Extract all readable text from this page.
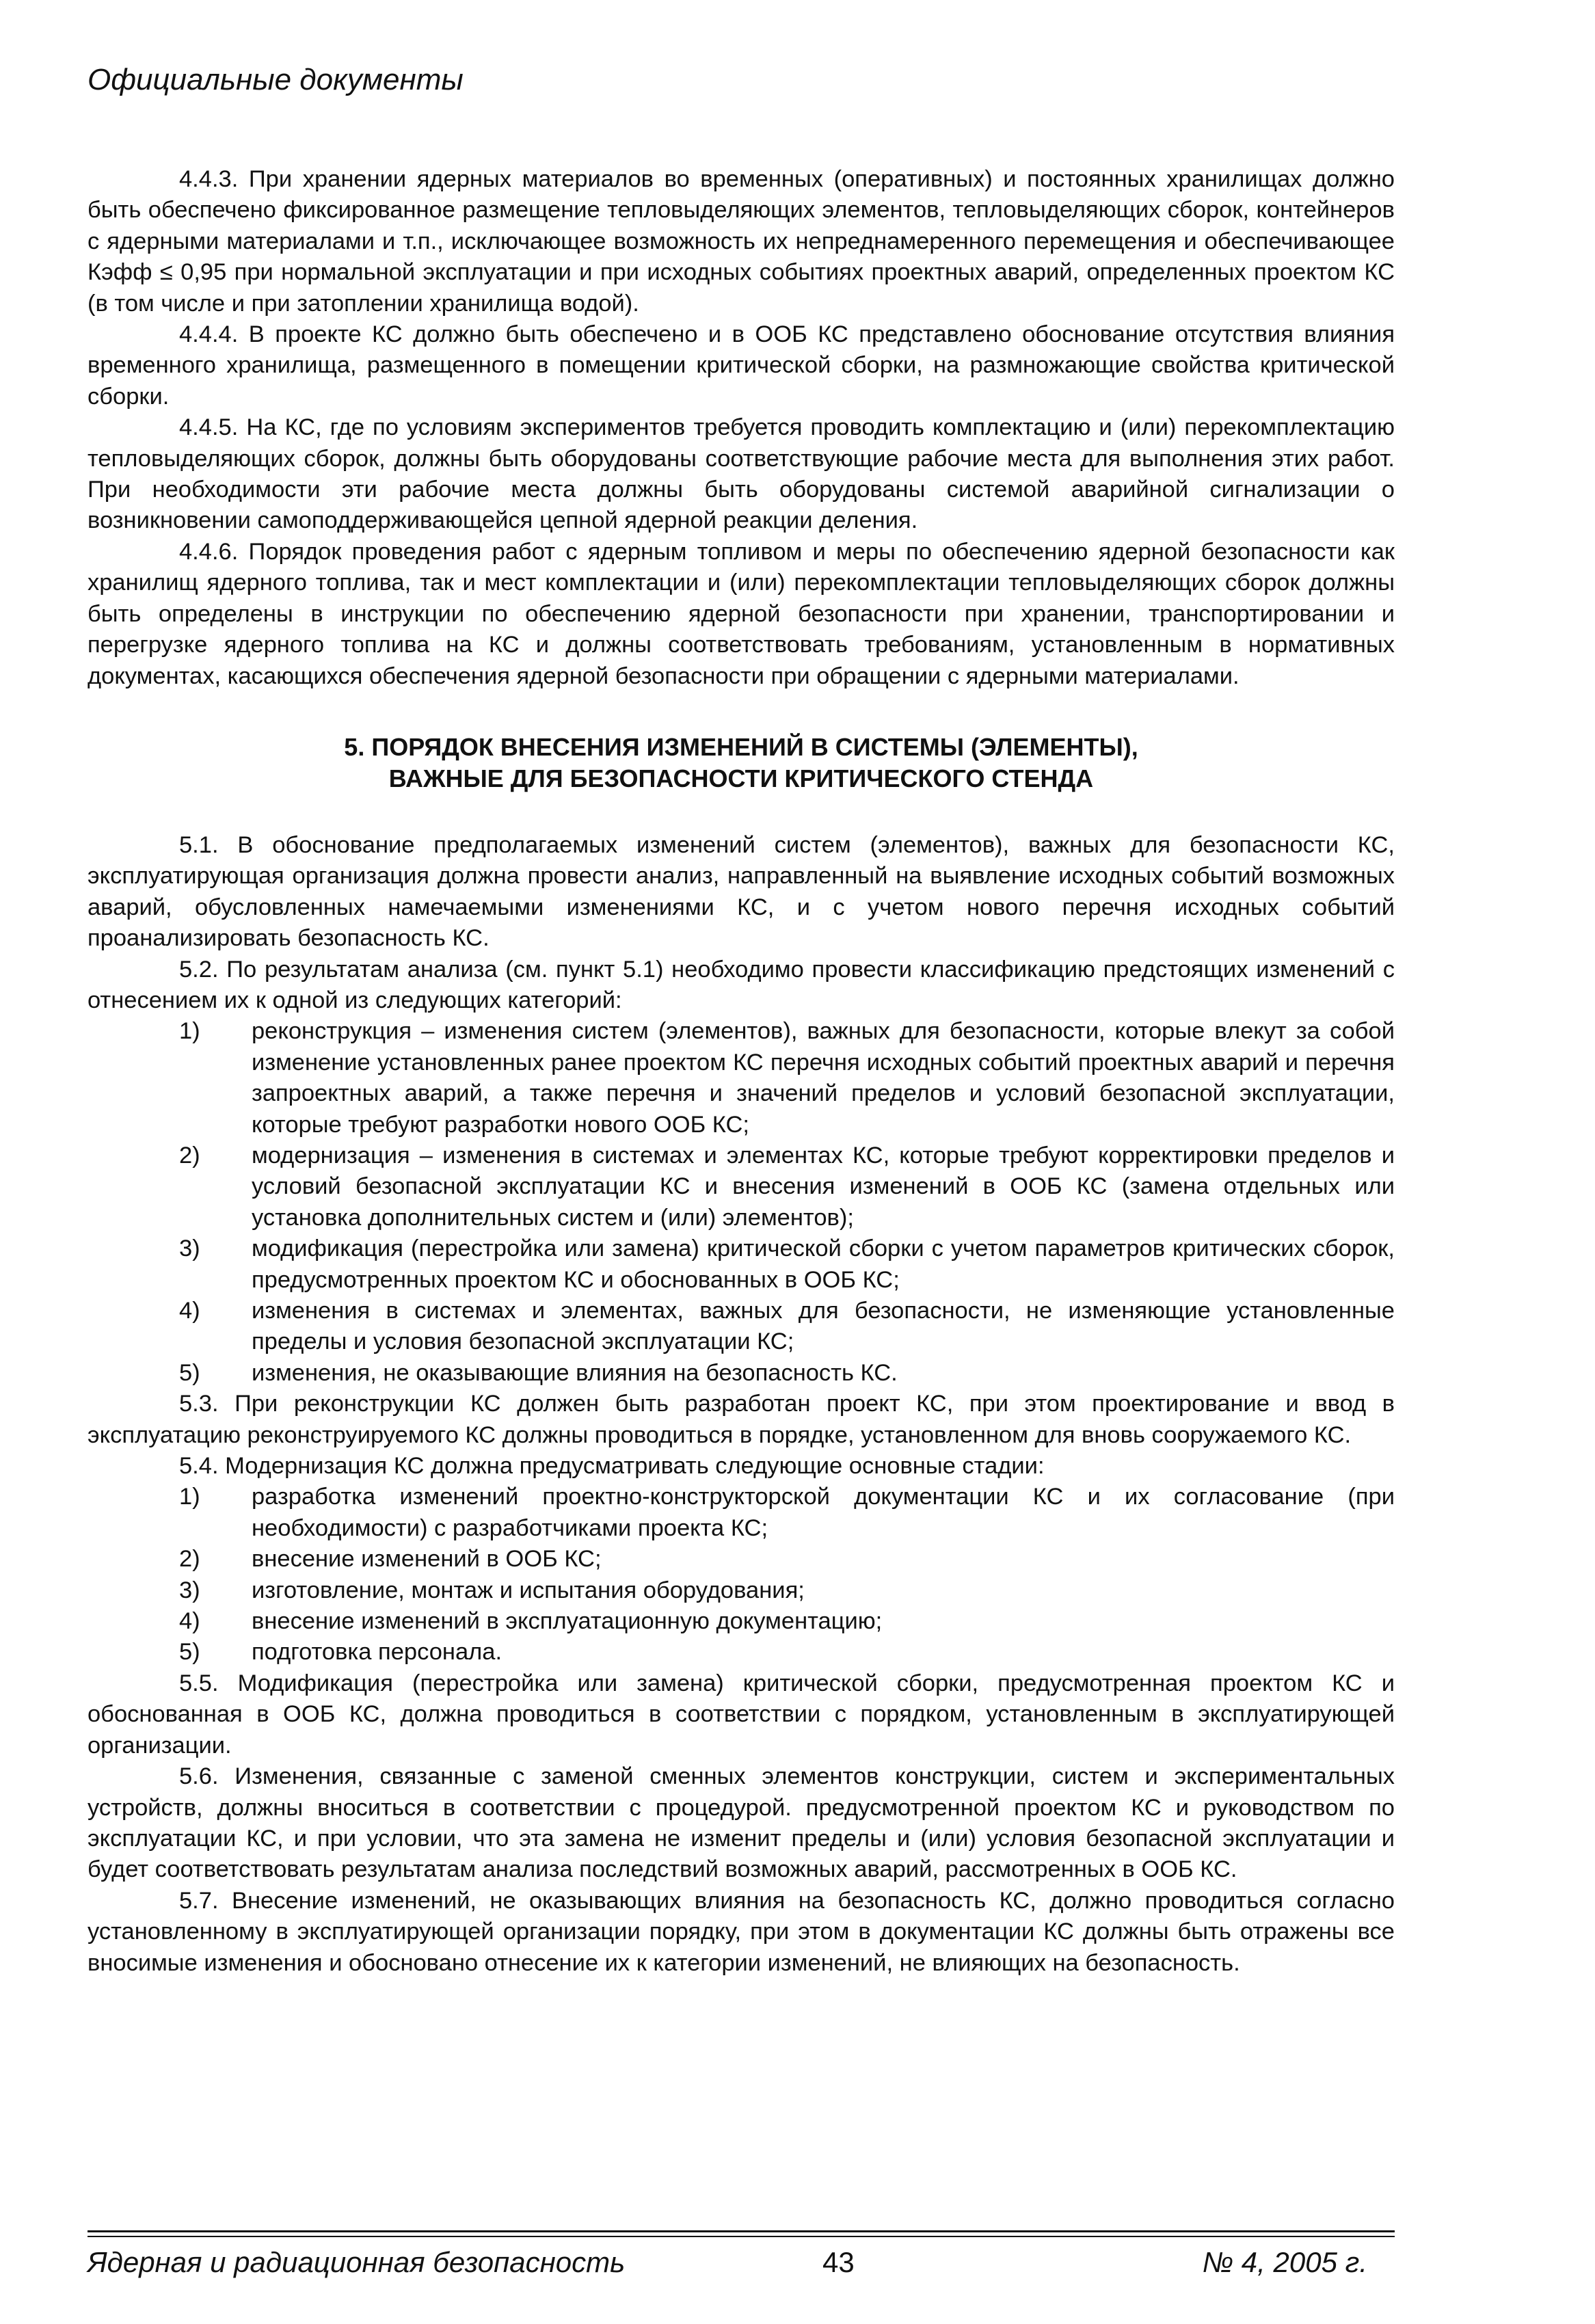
Официальные документы

4.4.3. При хранении ядерных материалов во временных (оперативных) и постоянных хранилищах должно быть обеспечено фиксированное размещение тепловыделяющих элементов, тепловыделяющих сборок, контейнеров с ядерными материалами и т.п., исключающее возможность их непреднамеренного перемещения и обеспечивающее Кэфф ≤ 0,95 при нормальной эксплуатации и при исходных событиях проектных аварий, определенных проектом КС (в том числе и при затоплении хранилища водой).

4.4.4. В проекте КС должно быть обеспечено и в ООБ КС представлено обоснование отсутствия влияния временного хранилища, размещенного в помещении критической сборки, на размножающие свойства критической сборки.

4.4.5. На КС, где по условиям экспериментов требуется проводить комплектацию и (или) перекомплектацию тепловыделяющих сборок, должны быть оборудованы соответствующие рабочие места для выполнения этих работ. При необходимости эти рабочие места должны быть оборудованы системой аварийной сигнализации о возникновении самоподдерживающейся цепной ядерной реакции деления.

4.4.6. Порядок проведения работ с ядерным топливом и меры по обеспечению ядерной безопасности как хранилищ ядерного топлива, так и мест комплектации и (или) перекомплектации тепловыделяющих сборок должны быть определены в инструкции по обеспечению ядерной безопасности при хранении, транспортировании и перегрузке ядерного топлива на КС и должны соответствовать требованиям, установленным в нормативных документах, касающихся обеспечения ядерной безопасности при обращении с ядерными материалами.

5. ПОРЯДОК ВНЕСЕНИЯ ИЗМЕНЕНИЙ В СИСТЕМЫ (ЭЛЕМЕНТЫ),
ВАЖНЫЕ ДЛЯ БЕЗОПАСНОСТИ КРИТИЧЕСКОГО СТЕНДА

5.1. В обоснование предполагаемых изменений систем (элементов), важных для безопасности КС, эксплуатирующая организация должна провести анализ, направленный на выявление исходных событий возможных аварий, обусловленных намечаемыми изменениями КС, и с учетом нового перечня исходных событий проанализировать безопасность КС.

5.2. По результатам анализа (см. пункт 5.1) необходимо провести классификацию предстоящих изменений с отнесением их к одной из следующих категорий:

1) реконструкция – изменения систем (элементов), важных для безопасности, которые влекут за собой изменение установленных ранее проектом КС перечня исходных событий проектных аварий и перечня запроектных аварий, а также перечня и значений пределов и условий безопасной эксплуатации, которые требуют разработки нового ООБ КС;
2) модернизация – изменения в системах и элементах КС, которые требуют корректировки пределов и условий безопасной эксплуатации КС и внесения изменений в ООБ КС (замена отдельных или установка дополнительных систем и (или) элементов);
3) модификация (перестройка или замена) критической сборки с учетом параметров критических сборок, предусмотренных проектом КС и обоснованных в ООБ КС;
4) изменения в системах и элементах, важных для безопасности, не изменяющие установленные пределы и условия безопасной эксплуатации КС;
5) изменения, не оказывающие влияния на безопасность КС.

5.3. При реконструкции КС должен быть разработан проект КС, при этом проектирование и ввод в эксплуатацию реконструируемого КС должны проводиться в порядке, установленном для вновь сооружаемого КС.

5.4. Модернизация КС должна предусматривать следующие основные стадии:

1) разработка изменений проектно-конструкторской документации КС и их согласование (при необходимости) с разработчиками проекта КС;
2) внесение изменений в ООБ КС;
3) изготовление, монтаж и испытания оборудования;
4) внесение изменений в эксплуатационную документацию;
5) подготовка персонала.

5.5. Модификация (перестройка или замена) критической сборки, предусмотренная проектом КС и обоснованная в ООБ КС, должна проводиться в соответствии с порядком, установленным в эксплуатирующей организации.

5.6. Изменения, связанные с заменой сменных элементов конструкции, систем и экспериментальных устройств, должны вноситься в соответствии с процедурой. предусмотренной проектом КС и руководством по эксплуатации КС, и при условии, что эта замена не изменит пределы и (или) условия безопасной эксплуатации и будет соответствовать результатам анализа последствий возможных аварий, рассмотренных в ООБ КС.

5.7. Внесение изменений, не оказывающих влияния на безопасность КС, должно проводиться согласно установленному в эксплуатирующей организации порядку, при этом в документации КС должны быть отражены все вносимые изменения и обосновано отнесение их к категории изменений, не влияющих на безопасность.

Ядерная и радиационная безопасность	43	№ 4, 2005 г.
